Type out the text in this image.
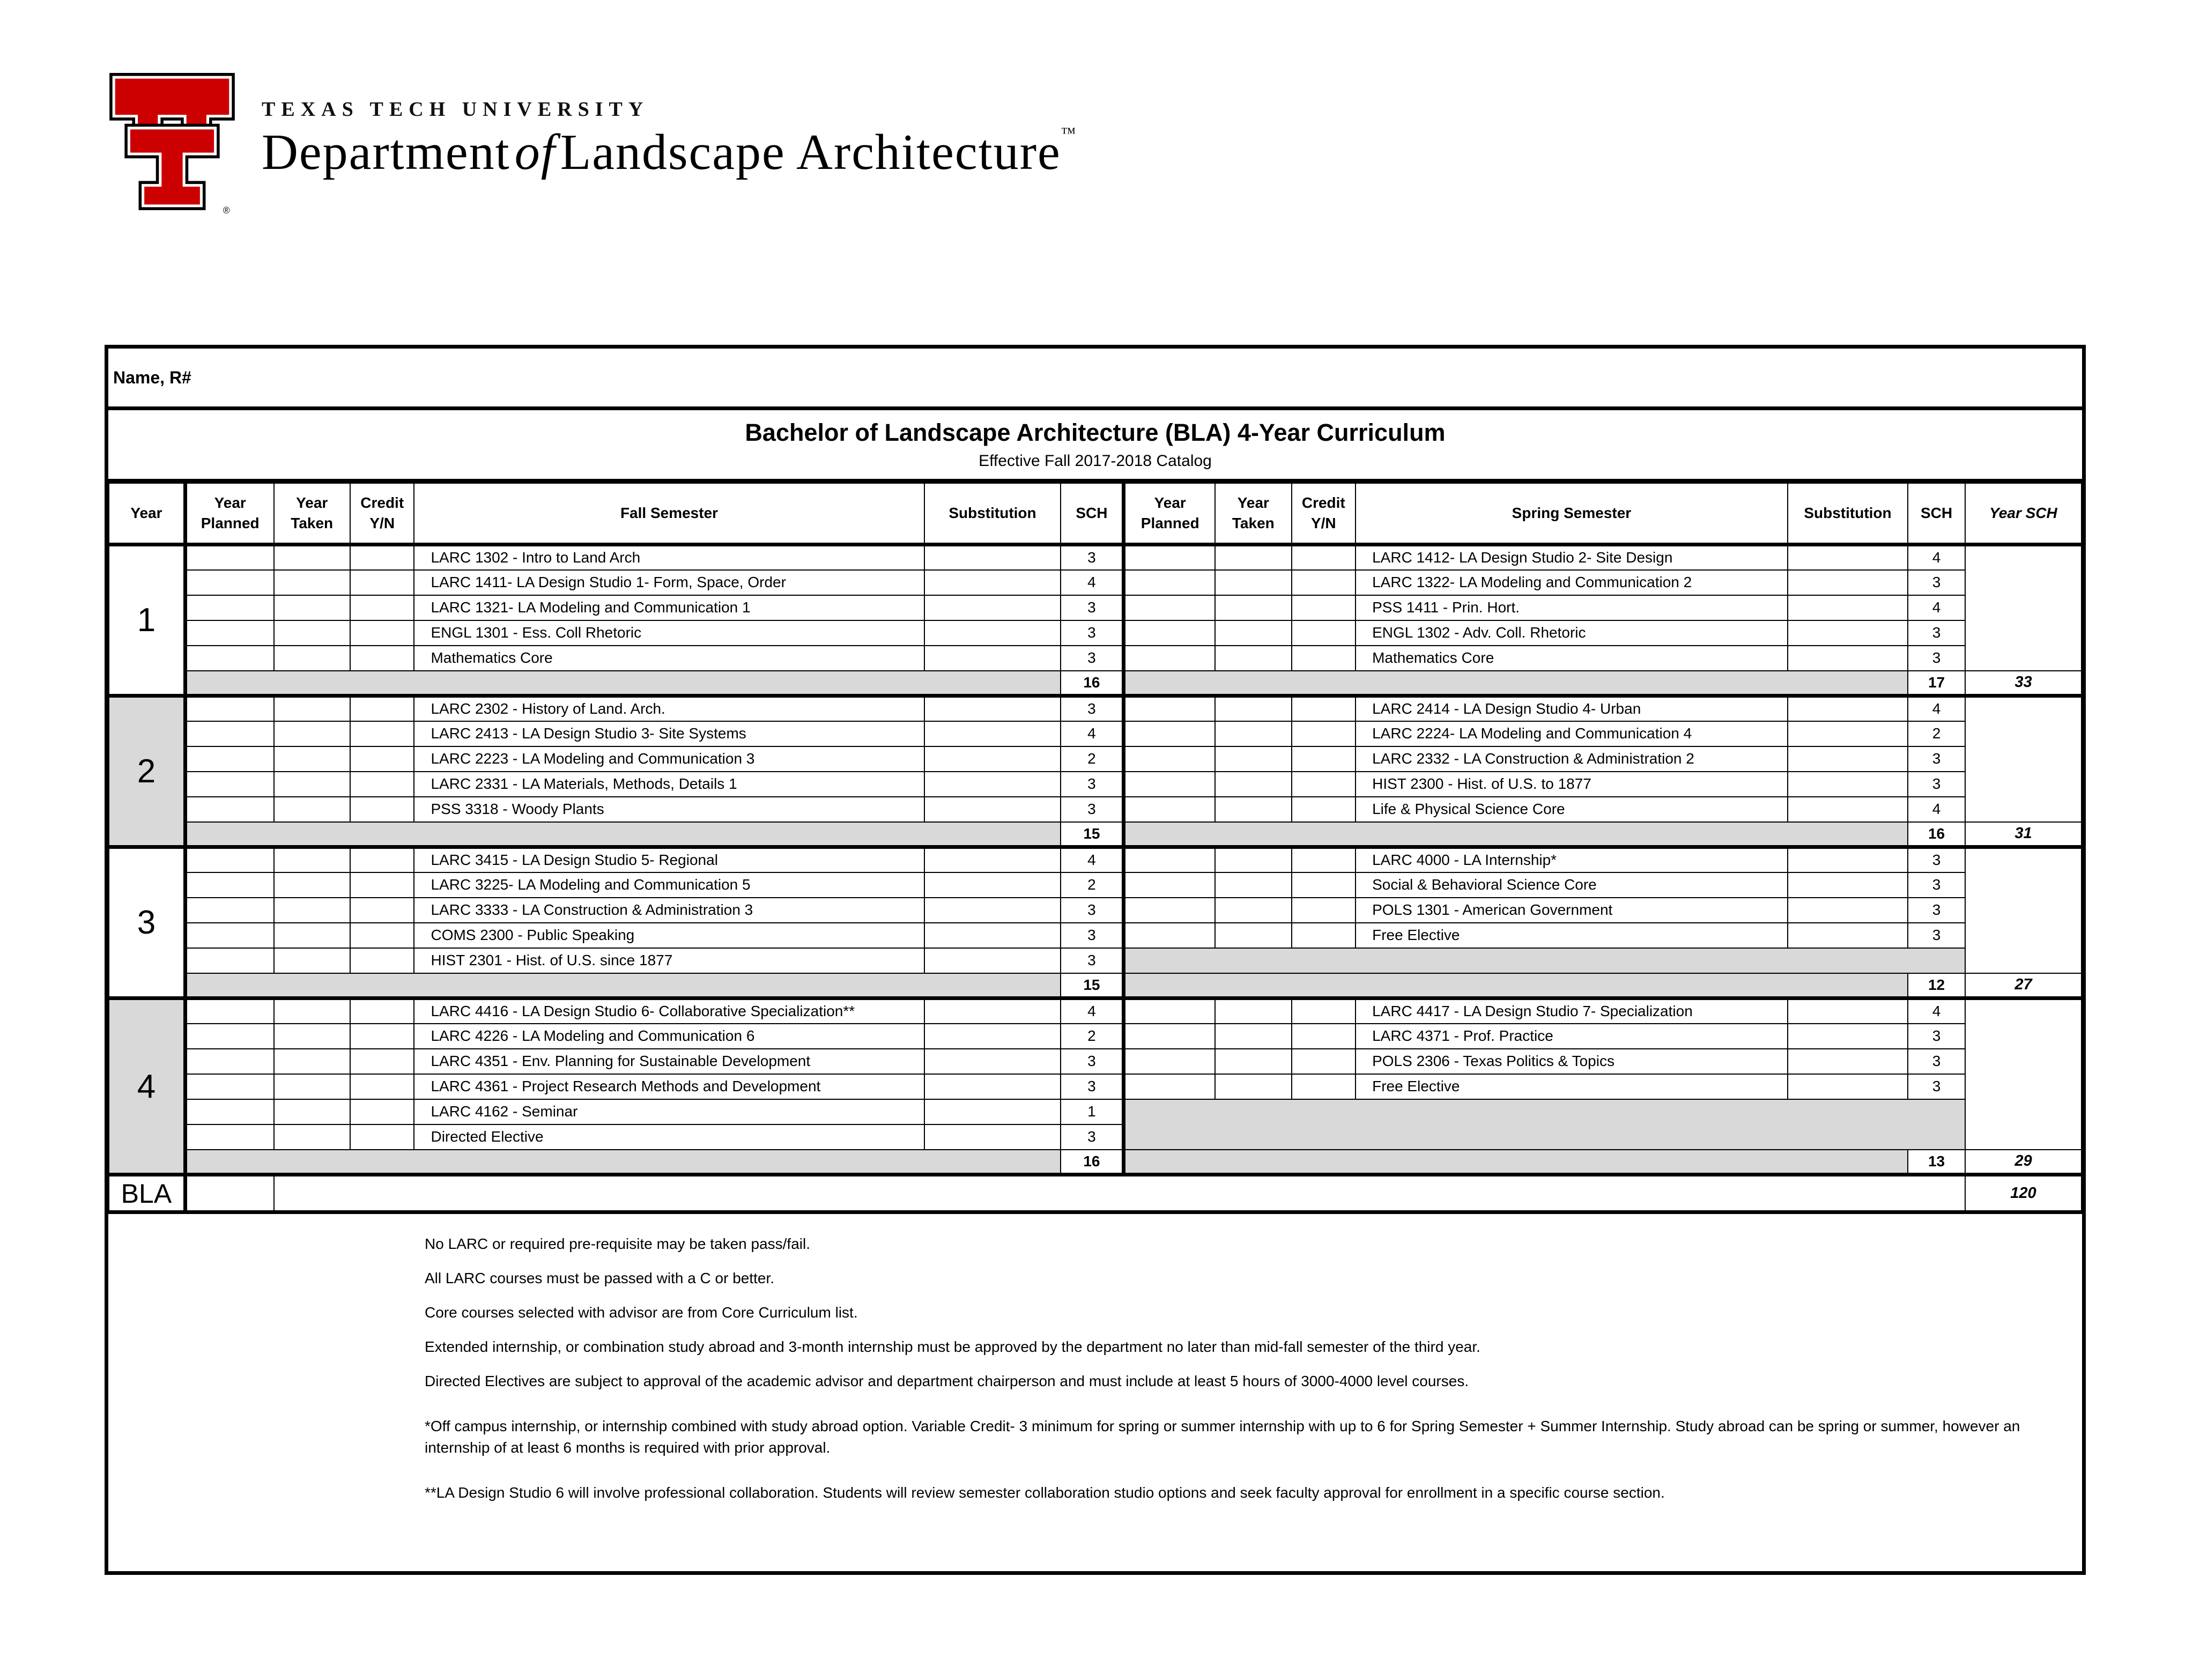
®
TEXAS TECH UNIVERSITY
DepartmentofLandscape Architecture™
Name, R#
Bachelor of Landscape Architecture (BLA) 4-Year Curriculum
Effective Fall 2017-2018 Catalog
Year	Year Planned	Year Taken	Credit Y/N	Fall Semester	Substitution	SCH	Year Planned	Year Taken	Credit Y/N	Spring Semester	Substitution	SCH	Year SCH
1				LARC 1302 - Intro to Land Arch		3				LARC 1412- LA Design Studio 2- Site Design		4	
				LARC 1411- LA Design Studio 1- Form, Space, Order		4				LARC 1322- LA Modeling and Communication 2		3	
				LARC 1321- LA Modeling and Communication 1		3				PSS 1411 - Prin. Hort.		4	
				ENGL 1301 - Ess. Coll Rhetoric		3				ENGL 1302 - Adv. Coll. Rhetoric		3	
				Mathematics Core		3				Mathematics Core		3	
						16						17	33
2				LARC 2302 - History of Land. Arch.		3				LARC 2414 - LA Design Studio 4- Urban		4	
				LARC 2413 - LA Design Studio 3- Site Systems		4				LARC 2224- LA Modeling and Communication 4		2	
				LARC 2223 - LA Modeling and Communication 3		2				LARC 2332 - LA Construction & Administration 2		3	
				LARC 2331 - LA Materials, Methods, Details 1		3				HIST 2300 - Hist. of U.S. to 1877		3	
				PSS 3318 - Woody Plants		3				Life & Physical Science Core		4	
						15						16	31
3				LARC 3415 - LA Design Studio 5- Regional		4				LARC 4000 - LA Internship*		3	
				LARC 3225- LA Modeling and Communication 5		2				Social & Behavioral Science Core		3	
				LARC 3333 - LA Construction & Administration 3		3				POLS 1301 - American Government		3	
				COMS 2300 - Public Speaking		3				Free Elective		3	
				HIST 2301 - Hist. of U.S. since 1877		3							
						15						12	27
4				LARC 4416 - LA Design Studio 6- Collaborative Specialization**		4				LARC 4417 - LA Design Studio 7- Specialization		4	
				LARC 4226 - LA Modeling and Communication 6		2				LARC 4371 - Prof. Practice		3	
				LARC 4351 - Env. Planning for Sustainable Development		3				POLS 2306 - Texas Politics & Topics		3	
				LARC 4361 - Project Research Methods and Development		3				Free Elective		3	
				LARC 4162 - Seminar		1							
				Directed Elective		3							
						16						13	29
BLA													120
No LARC or required pre-requisite may be taken pass/fail.
All LARC courses must be passed with a C or better.
Core courses selected with advisor are from Core Curriculum list.
Extended internship, or combination study abroad and 3-month internship must be approved by the department no later than mid-fall semester of the third year.
Directed Electives are subject to approval of the academic advisor and department chairperson and must include at least 5 hours of 3000-4000 level courses.
*Off campus internship, or internship combined with study abroad option. Variable Credit- 3 minimum for spring or summer internship with up to 6 for Spring Semester + Summer Internship. Study abroad can be spring or summer, however an internship of at least 6 months is required with prior approval.
**LA Design Studio 6 will involve professional collaboration. Students will review semester collaboration studio options and seek faculty approval for enrollment in a specific course section.
